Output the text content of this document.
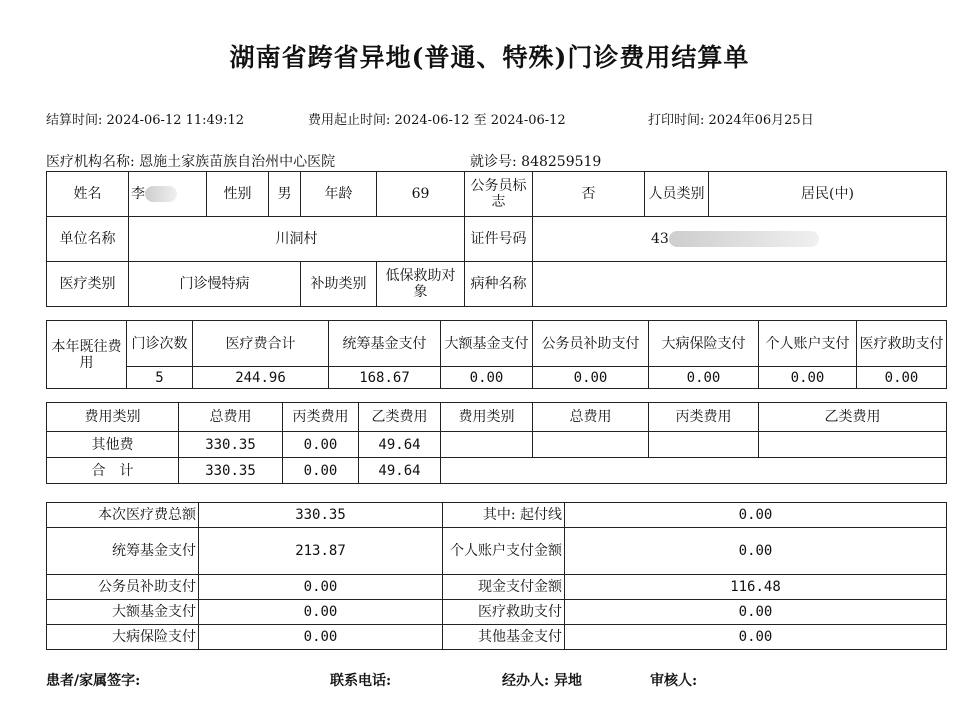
湖南省跨省异地(普通、特殊)门诊费用结算单
结算时间: 2024-06-12 11:49:12	费用起止时间: 2024-06-12 至 2024-06-12	打印时间: 2024年06月25日
医疗机构名称: 恩施土家族苗族自治州中心医院	就诊号: 848259519
姓名	李	性别	男	年龄	69	公务员标志	否	人员类别	居民(中)
单位名称	川洞村					证件号码	43		
医疗类别	门诊慢特病			补助类别	低保救助对象	病种名称			
本年既往费用	门诊次数	医疗费合计	统筹基金支付	大额基金支付	公务员补助支付	大病保险支付	个人账户支付	医疗救助支付
	5	244.96	168.67	0.00	0.00	0.00	0.00	0.00
费用类别	总费用	丙类费用	乙类费用	费用类别	总费用	丙类费用	乙类费用
其他费	330.35	0.00	49.64				
合　计	330.35	0.00	49.64				
本次医疗费总额	330.35	其中: 起付线	0.00
统筹基金支付	213.87	个人账户支付金额	0.00
公务员补助支付	0.00	现金支付金额	116.48
大额基金支付	0.00	医疗救助支付	0.00
大病保险支付	0.00	其他基金支付	0.00
患者/家属签字:	联系电话:	经办人: 异地	审核人:
